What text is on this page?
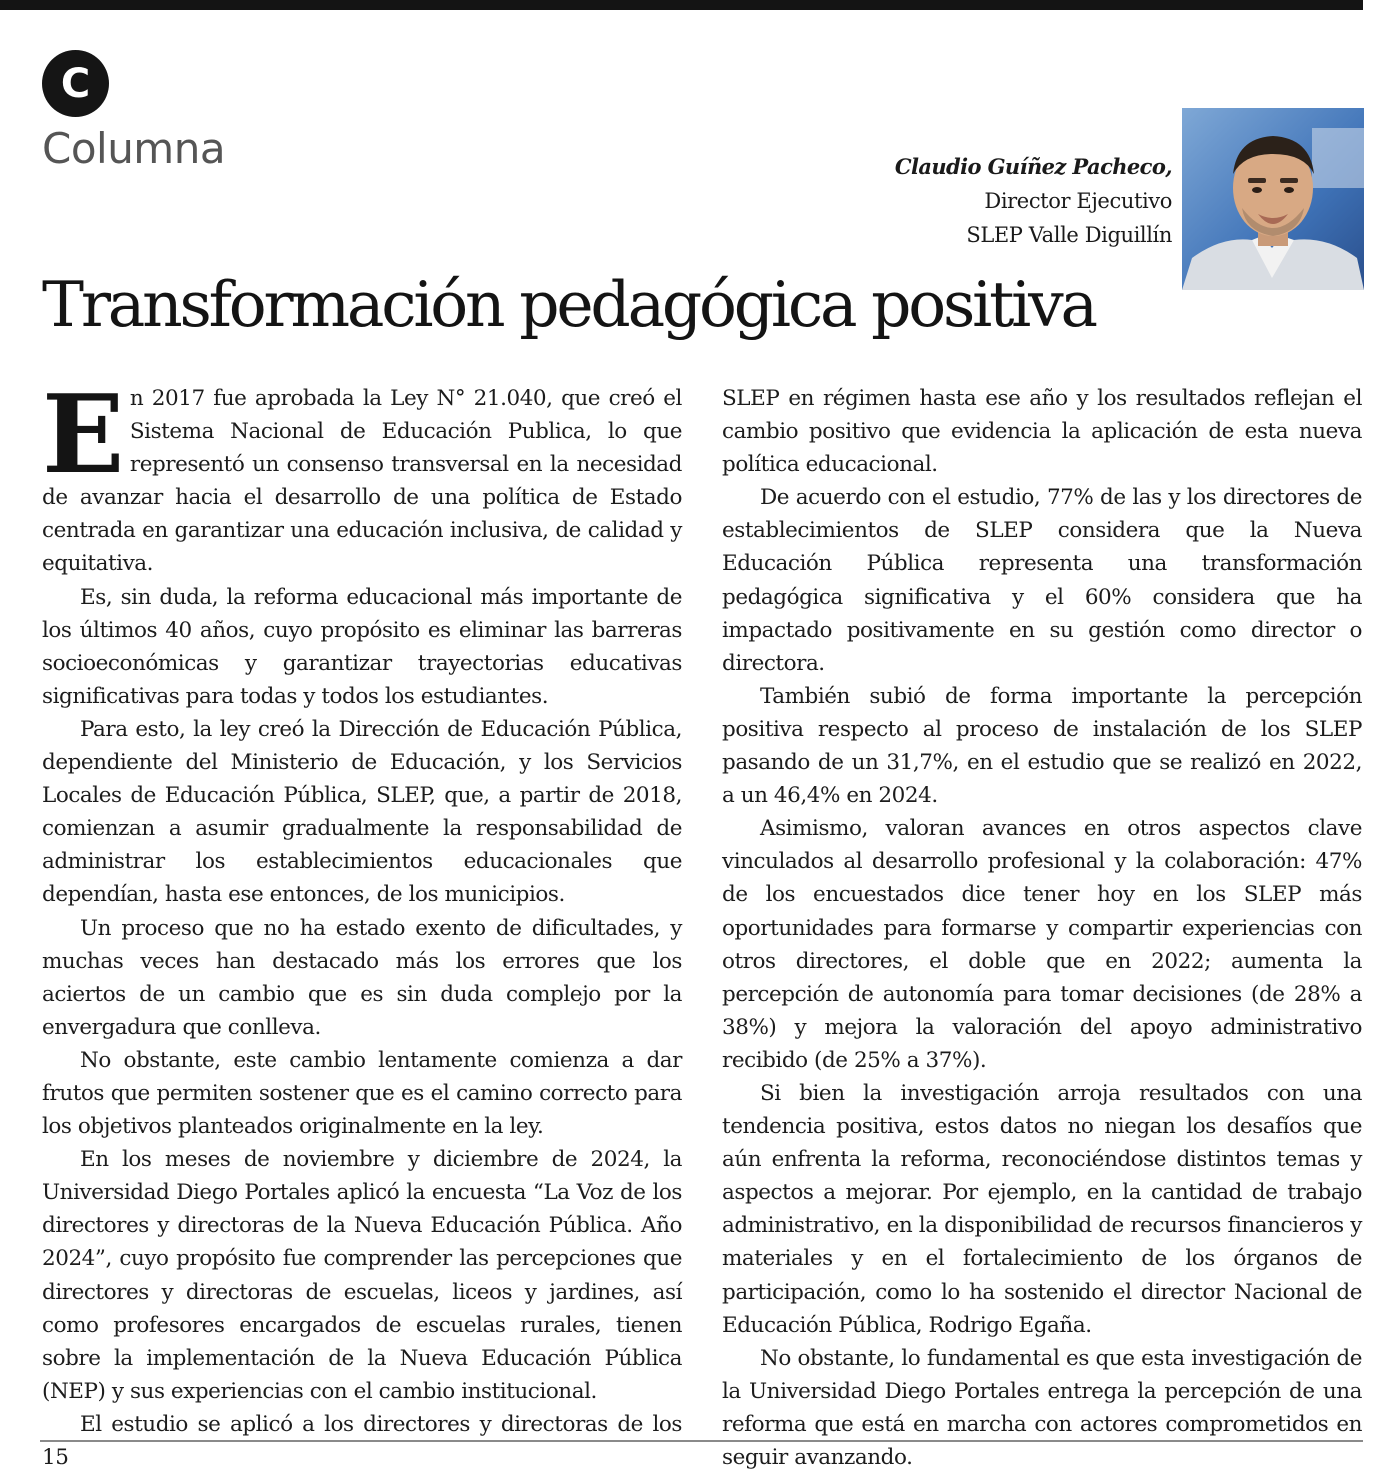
C
Columna	Claudio Guíñez Pacheco,
Director Ejecutivo
SLEP Valle Diguillín
Transformación pedagógica positiva

En 2017 fue aprobada la Ley N° 21.040, que creó el Sistema Nacional de Educación Publica, lo que representó un consenso transversal en la necesidad de avanzar hacia el desarrollo de una política de Estado centrada en garantizar una educación inclusiva, de calidad y equitativa.

Es, sin duda, la reforma educacional más importante de los últimos 40 años, cuyo propósito es eliminar las barreras socioeconómicas y garantizar trayectorias educativas significativas para todas y todos los estudiantes.

Para esto, la ley creó la Dirección de Educación Pública, dependiente del Ministerio de Educación, y los Servicios Locales de Educación Pública, SLEP, que, a partir de 2018, comienzan a asumir gradualmente la responsabilidad de administrar los establecimientos educacionales que dependían, hasta ese entonces, de los municipios.

Un proceso que no ha estado exento de dificultades, y muchas veces han destacado más los errores que los aciertos de un cambio que es sin duda complejo por la envergadura que conlleva.

No obstante, este cambio lentamente comienza a dar frutos que permiten sostener que es el camino correcto para los objetivos planteados originalmente en la ley.

En los meses de noviembre y diciembre de 2024, la Universidad Diego Portales aplicó la encuesta “La Voz de los directores y directoras de la Nueva Educación Pública. Año 2024”, cuyo propósito fue comprender las percepciones que directores y directoras de escuelas, liceos y jardines, así como profesores encargados de escuelas rurales, tienen sobre la implementación de la Nueva Educación Pública (NEP) y sus experiencias con el cambio institucional.

El estudio se aplicó a los directores y directoras de los 15

SLEP en régimen hasta ese año y los resultados reflejan el cambio positivo que evidencia la aplicación de esta nueva política educacional.

De acuerdo con el estudio, 77% de las y los directores de establecimientos de SLEP considera que la Nueva Educación Pública representa una transformación pedagógica significativa y el 60% considera que ha impactado positivamente en su gestión como director o directora.

También subió de forma importante la percepción positiva respecto al proceso de instalación de los SLEP pasando de un 31,7%, en el estudio que se realizó en 2022, a un 46,4% en 2024.

Asimismo, valoran avances en otros aspectos clave vinculados al desarrollo profesional y la colaboración: 47% de los encuestados dice tener hoy en los SLEP más oportunidades para formarse y compartir experiencias con otros directores, el doble que en 2022; aumenta la percepción de autonomía para tomar decisiones (de 28% a 38%) y mejora la valoración del apoyo administrativo recibido (de 25% a 37%).

Si bien la investigación arroja resultados con una tendencia positiva, estos datos no niegan los desafíos que aún enfrenta la reforma, reconociéndose distintos temas y aspectos a mejorar. Por ejemplo, en la cantidad de trabajo administrativo, en la disponibilidad de recursos financieros y materiales y en el fortalecimiento de los órganos de participación, como lo ha sostenido el director Nacional de Educación Pública, Rodrigo Egaña.

No obstante, lo fundamental es que esta investigación de la Universidad Diego Portales entrega la percepción de una reforma que está en marcha con actores comprometidos en seguir avanzando.
